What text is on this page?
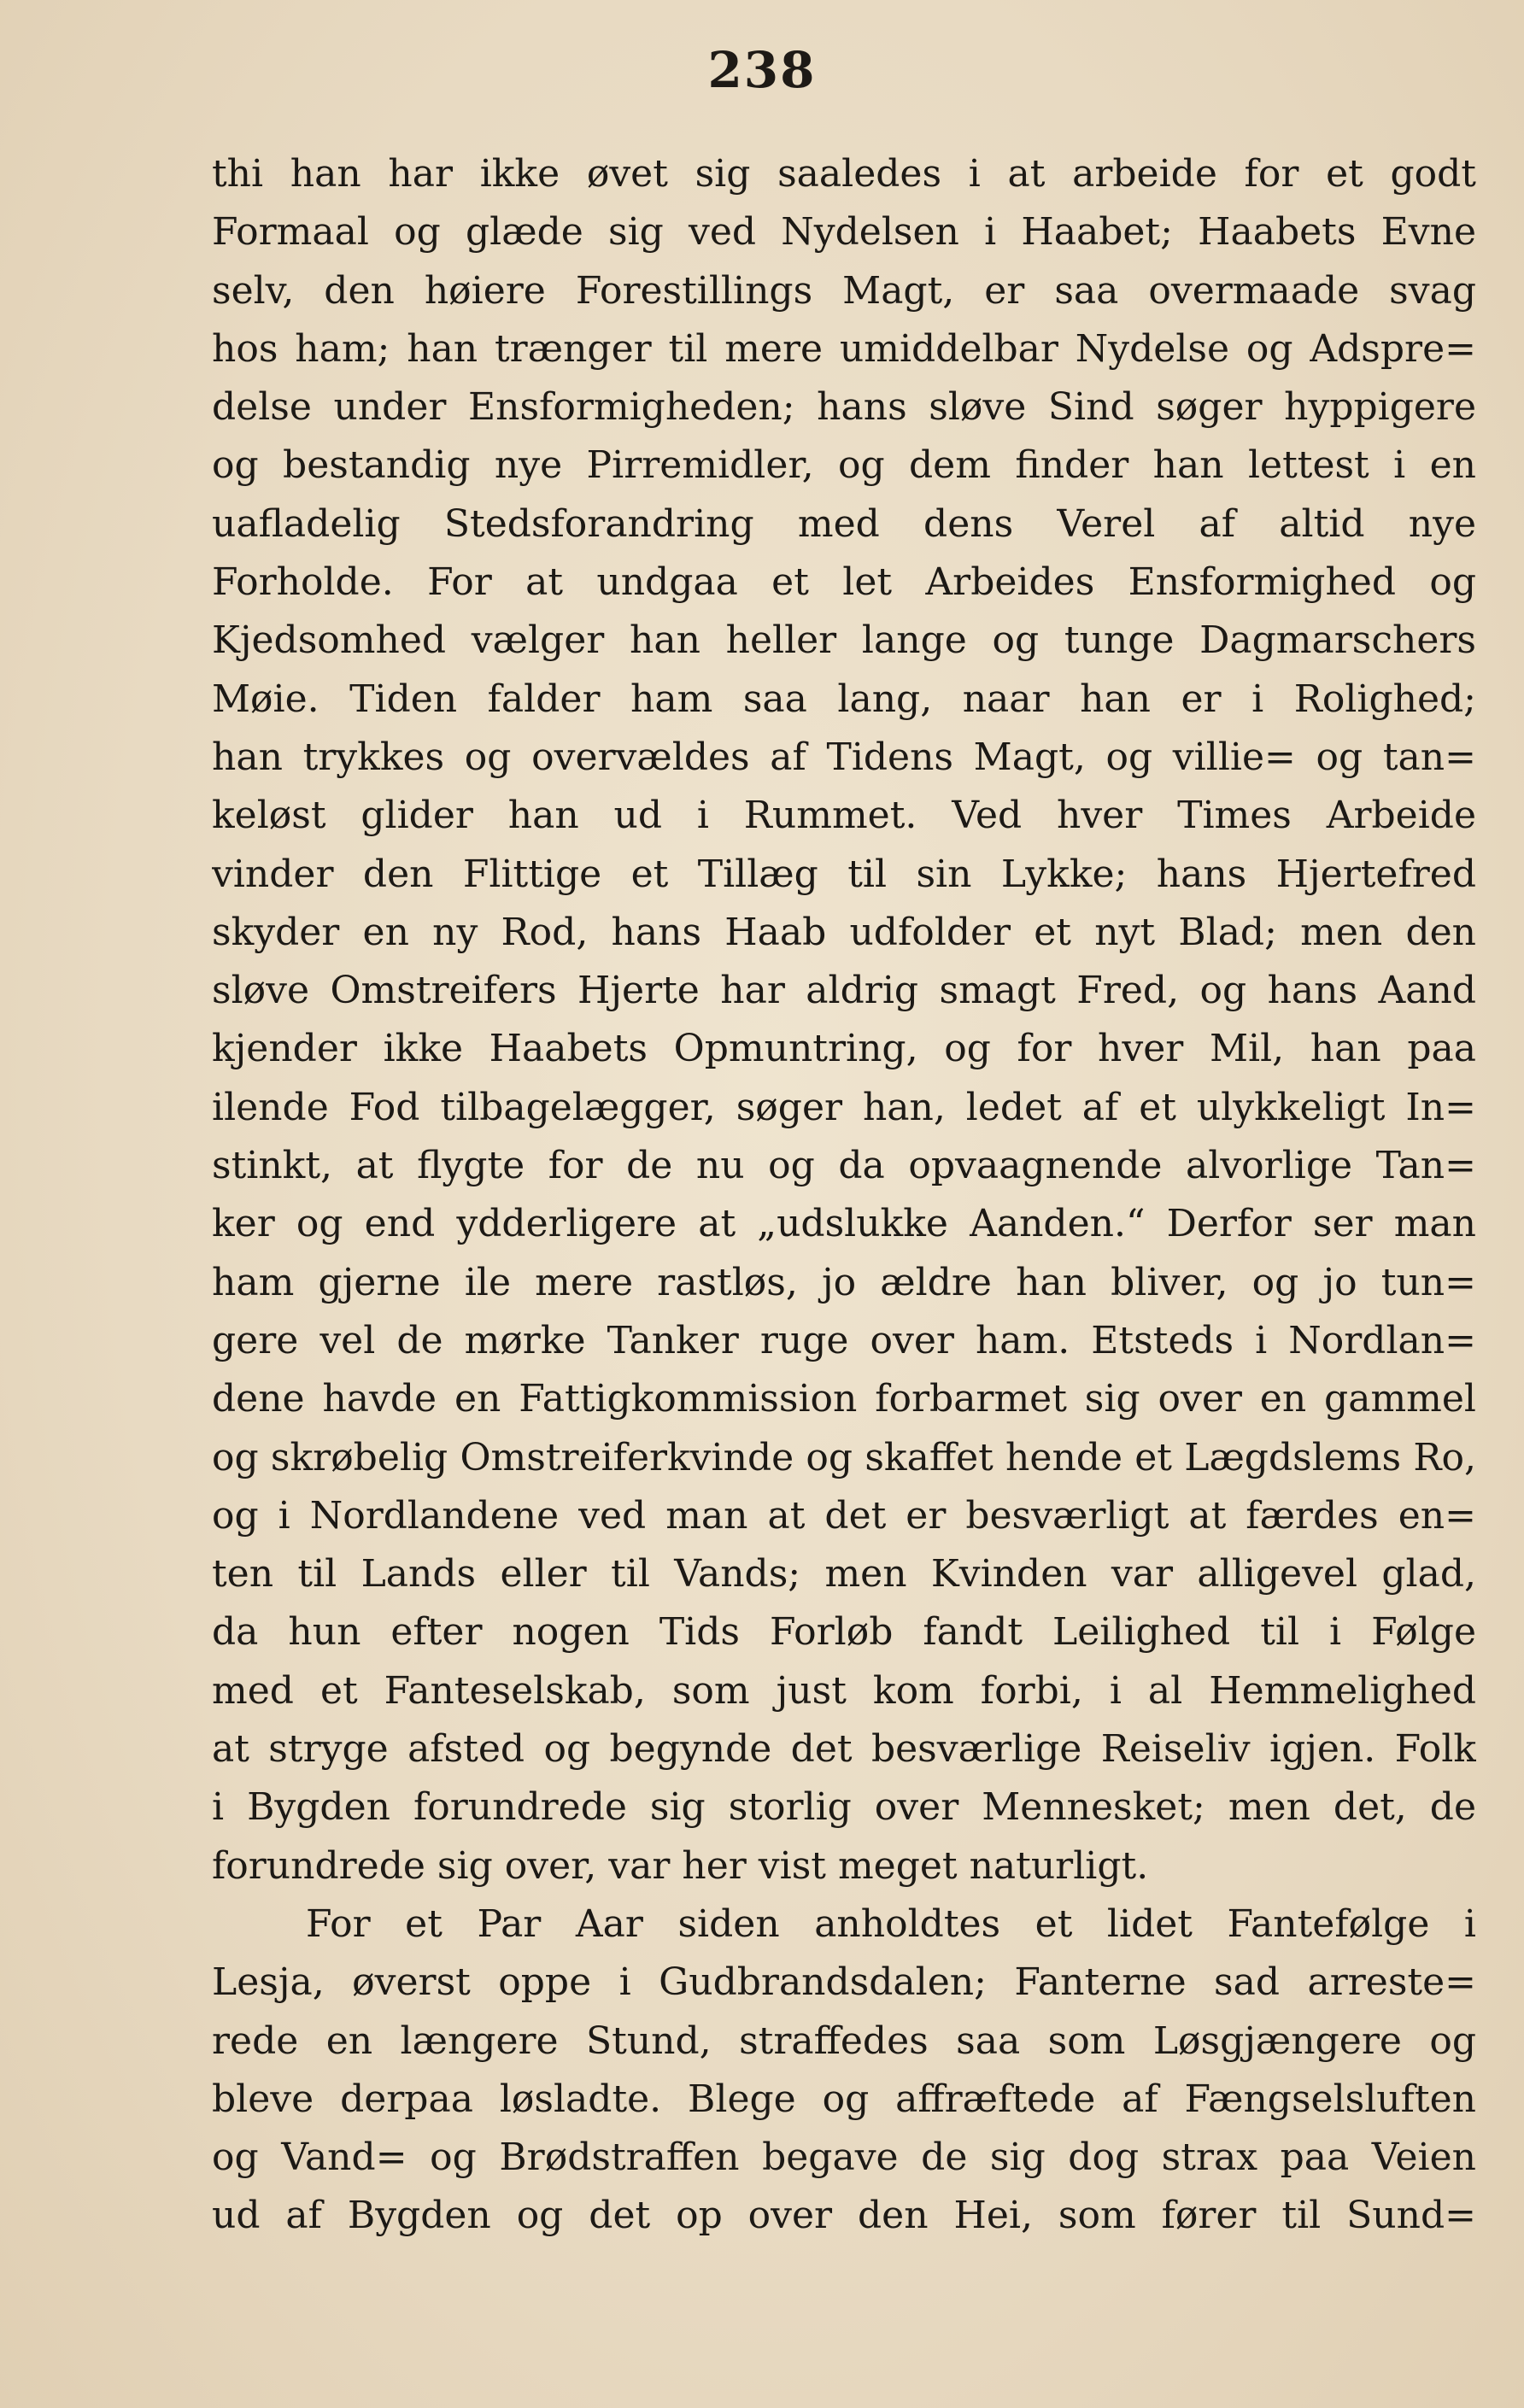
238
thi han har ikke øvet sig saaledes i at arbeide for et godt
Formaal og glæde sig ved Nydelsen i Haabet; Haabets Evne
selv, den høiere Forestillings Magt, er saa overmaade svag
hos ham; han trænger til mere umiddelbar Nydelse og Adspre=
delse under Ensformigheden; hans sløve Sind søger hyppigere
og bestandig nye Pirremidler, og dem finder han lettest i en
uafladelig Stedsforandring med dens Verel af altid nye
Forholde. For at undgaa et let Arbeides Ensformighed og
Kjedsomhed vælger han heller lange og tunge Dagmarschers
Møie. Tiden falder ham saa lang, naar han er i Rolighed;
han trykkes og overvældes af Tidens Magt, og villie= og tan=
keløst glider han ud i Rummet. Ved hver Times Arbeide
vinder den Flittige et Tillæg til sin Lykke; hans Hjertefred
skyder en ny Rod, hans Haab udfolder et nyt Blad; men den
sløve Omstreifers Hjerte har aldrig smagt Fred, og hans Aand
kjender ikke Haabets Opmuntring, og for hver Mil, han paa
ilende Fod tilbagelægger, søger han, ledet af et ulykkeligt In=
stinkt, at flygte for de nu og da opvaagnende alvorlige Tan=
ker og end ydderligere at „udslukke Aanden.“ Derfor ser man
ham gjerne ile mere rastløs, jo ældre han bliver, og jo tun=
gere vel de mørke Tanker ruge over ham. Etsteds i Nordlan=
dene havde en Fattigkommission forbarmet sig over en gammel
og skrøbelig Omstreiferkvinde og skaffet hende et Lægdslems Ro,
og i Nordlandene ved man at det er besværligt at færdes en=
ten til Lands eller til Vands; men Kvinden var alligevel glad,
da hun efter nogen Tids Forløb fandt Leilighed til i Følge
med et Fanteselskab, som just kom forbi, i al Hemmelighed
at stryge afsted og begynde det besværlige Reiseliv igjen. Folk
i Bygden forundrede sig storlig over Mennesket; men det, de
forundrede sig over, var her vist meget naturligt.
For et Par Aar siden anholdtes et lidet Fantefølge i
Lesja, øverst oppe i Gudbrandsdalen; Fanterne sad arreste=
rede en længere Stund, straffedes saa som Løsgjængere og
bleve derpaa løsladte. Blege og affræftede af Fængselsluften
og Vand= og Brødstraffen begave de sig dog strax paa Veien
ud af Bygden og det op over den Hei, som fører til Sund=
